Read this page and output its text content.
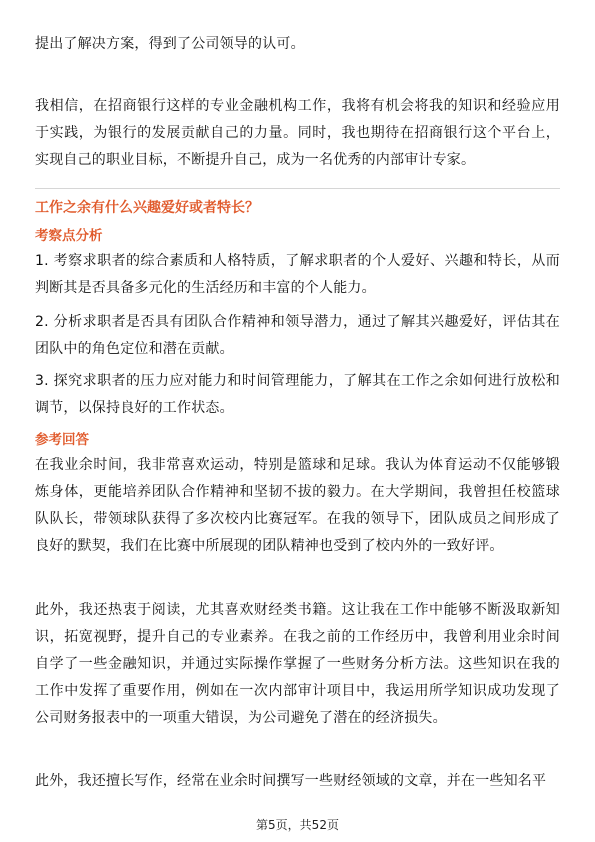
提出了解决方案，得到了公司领导的认可。

我相信，在招商银行这样的专业金融机构工作，我将有机会将我的知识和经验应用于实践，为银行的发展贡献自己的力量。同时，我也期待在招商银行这个平台上，实现自己的职业目标，不断提升自己，成为一名优秀的内部审计专家。

工作之余有什么兴趣爱好或者特长？

考察点分析

1. 考察求职者的综合素质和人格特质，了解求职者的个人爱好、兴趣和特长，从而判断其是否具备多元化的生活经历和丰富的个人能力。

2. 分析求职者是否具有团队合作精神和领导潜力，通过了解其兴趣爱好，评估其在团队中的角色定位和潜在贡献。

3. 探究求职者的压力应对能力和时间管理能力，了解其在工作之余如何进行放松和调节，以保持良好的工作状态。

参考回答

在我业余时间，我非常喜欢运动，特别是篮球和足球。我认为体育运动不仅能够锻炼身体，更能培养团队合作精神和坚韧不拔的毅力。在大学期间，我曾担任校篮球队队长，带领球队获得了多次校内比赛冠军。在我的领导下，团队成员之间形成了良好的默契，我们在比赛中所展现的团队精神也受到了校内外的一致好评。

此外，我还热衷于阅读，尤其喜欢财经类书籍。这让我在工作中能够不断汲取新知识，拓宽视野，提升自己的专业素养。在我之前的工作经历中，我曾利用业余时间自学了一些金融知识，并通过实际操作掌握了一些财务分析方法。这些知识在我的工作中发挥了重要作用，例如在一次内部审计项目中，我运用所学知识成功发现了公司财务报表中的一项重大错误，为公司避免了潜在的经济损失。

此外，我还擅长写作，经常在业余时间撰写一些财经领域的文章，并在一些知名平

第5页，共52页
